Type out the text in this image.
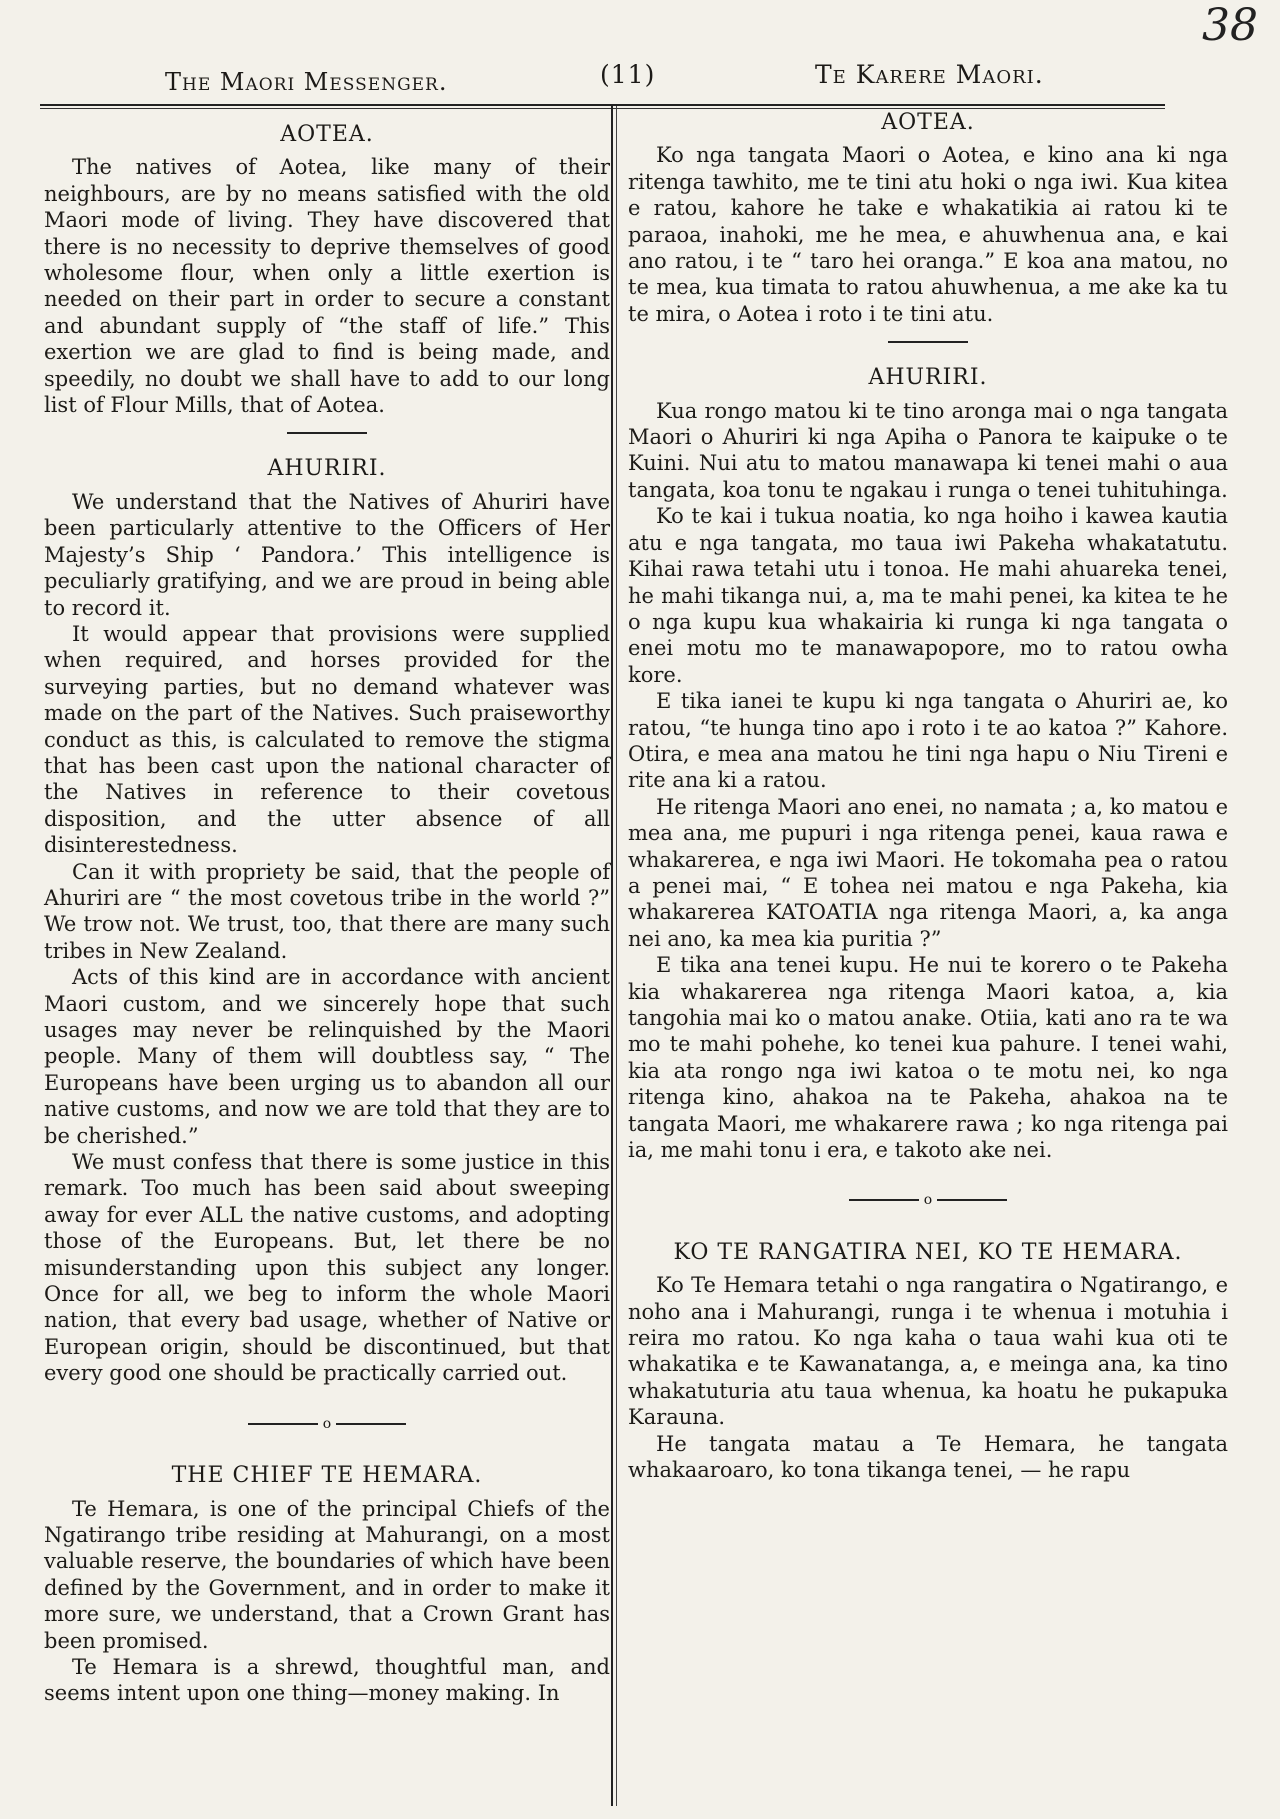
38
The Maori Messenger.	(11)	Te Karere Maori.
AOTEA.

The natives of Aotea, like many of their neighbours, are by no means satisfied with the old Maori mode of living. They have discovered that there is no necessity to deprive themselves of good wholesome flour, when only a little exertion is needed on their part in order to secure a constant and abundant supply of “the staff of life.” This exertion we are glad to find is being made, and speedily, no doubt we shall have to add to our long list of Flour Mills, that of Aotea.

AHURIRI.

We understand that the Natives of Ahuriri have been particularly attentive to the Officers of Her Majesty’s Ship ‘ Pandora.’ This intelligence is peculiarly gratifying, and we are proud in being able to record it.

It would appear that provisions were supplied when required, and horses provided for the surveying parties, but no demand whatever was made on the part of the Natives. Such praiseworthy conduct as this, is calculated to remove the stigma that has been cast upon the national character of the Natives in reference to their covetous disposition, and the utter absence of all disinterestedness.

Can it with propriety be said, that the people of Ahuriri are “ the most covetous tribe in the world ?” We trow not. We trust, too, that there are many such tribes in New Zealand.

Acts of this kind are in accordance with ancient Maori custom, and we sincerely hope that such usages may never be relinquished by the Maori people. Many of them will doubtless say, “ The Europeans have been urging us to abandon all our native customs, and now we are told that they are to be cherished.”

We must confess that there is some justice in this remark. Too much has been said about sweeping away for ever ALL the native customs, and adopting those of the Europeans. But, let there be no misunderstanding upon this subject any longer. Once for all, we beg to inform the whole Maori nation, that every bad usage, whether of Native or European origin, should be discontinued, but that every good one should be practically carried out.

o
THE CHIEF TE HEMARA.

Te Hemara, is one of the principal Chiefs of the Ngatirango tribe residing at Mahurangi, on a most valuable reserve, the boundaries of which have been defined by the Government, and in order to make it more sure, we understand, that a Crown Grant has been promised.

Te Hemara is a shrewd, thoughtful man, and seems intent upon one thing—money making. In

AOTEA.

Ko nga tangata Maori o Aotea, e kino ana ki nga ritenga tawhito, me te tini atu hoki o nga iwi. Kua kitea e ratou, kahore he take e whakatikia ai ratou ki te paraoa, inahoki, me he mea, e ahuwhenua ana, e kai ano ratou, i te “ taro hei oranga.” E koa ana matou, no te mea, kua timata to ratou ahuwhenua, a me ake ka tu te mira, o Aotea i roto i te tini atu.

AHURIRI.

Kua rongo matou ki te tino aronga mai o nga tangata Maori o Ahuriri ki nga Apiha o Panora te kaipuke o te Kuini. Nui atu to matou manawapa ki tenei mahi o aua tangata, koa tonu te ngakau i runga o tenei tuhituhinga.

Ko te kai i tukua noatia, ko nga hoiho i kawea kautia atu e nga tangata, mo taua iwi Pakeha whakatatutu. Kihai rawa tetahi utu i tonoa. He mahi ahuareka tenei, he mahi tikanga nui, a, ma te mahi penei, ka kitea te he o nga kupu kua whakairia ki runga ki nga tangata o enei motu mo te manawapopore, mo to ratou owha kore.

E tika ianei te kupu ki nga tangata o Ahuriri ae, ko ratou, “te hunga tino apo i roto i te ao katoa ?” Kahore. Otira, e mea ana matou he tini nga hapu o Niu Tireni e rite ana ki a ratou.

He ritenga Maori ano enei, no namata ; a, ko matou e mea ana, me pupuri i nga ritenga penei, kaua rawa e whakarerea, e nga iwi Maori. He tokomaha pea o ratou a penei mai, “ E tohea nei matou e nga Pakeha, kia whakarerea KATOATIA nga ritenga Maori, a, ka anga nei ano, ka mea kia puritia ?”

E tika ana tenei kupu. He nui te korero o te Pakeha kia whakarerea nga ritenga Maori katoa, a, kia tangohia mai ko o matou anake. Otiia, kati ano ra te wa mo te mahi pohehe, ko tenei kua pahure. I tenei wahi, kia ata rongo nga iwi katoa o te motu nei, ko nga ritenga kino, ahakoa na te Pakeha, ahakoa na te tangata Maori, me whakarere rawa ; ko nga ritenga pai ia, me mahi tonu i era, e takoto ake nei.

o
KO TE RANGATIRA NEI, KO TE HEMARA.

Ko Te Hemara tetahi o nga rangatira o Ngatirango, e noho ana i Mahurangi, runga i te whenua i motuhia i reira mo ratou. Ko nga kaha o taua wahi kua oti te whakatika e te Kawanatanga, a, e meinga ana, ka tino whakatuturia atu taua whenua, ka hoatu he pukapuka Karauna.

He tangata matau a Te Hemara, he tangata whakaaroaro, ko tona tikanga tenei, — he rapu
